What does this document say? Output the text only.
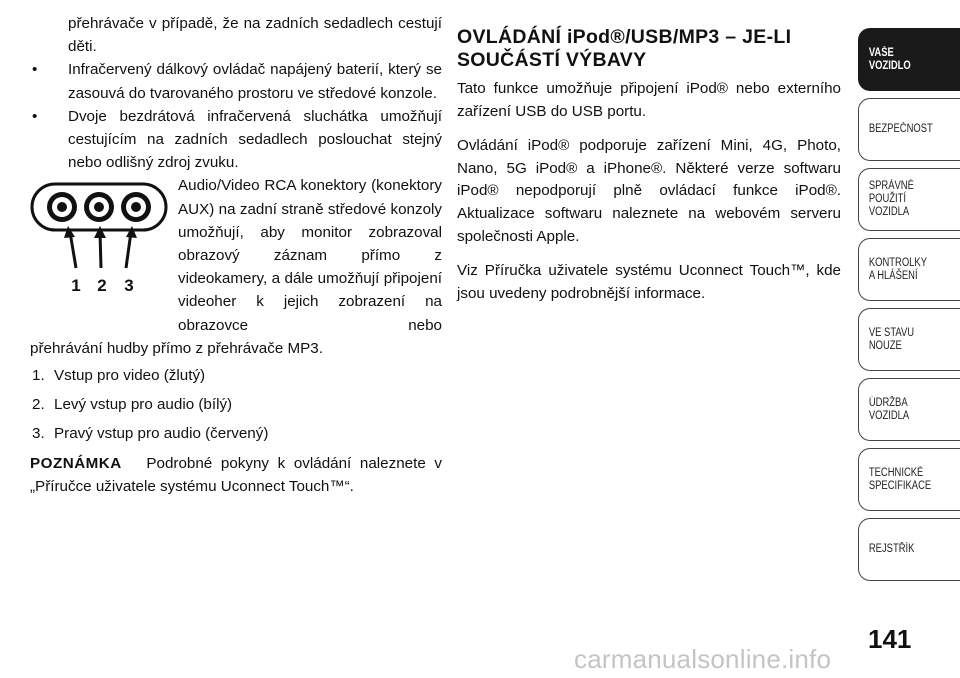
přehrávače v případě, že na zadních sedadlech cestují děti.

• Infračervený dálkový ovládač napájený baterií, který se zasouvá do tvarovaného prostoru ve středové konzole.
• Dvoje bezdrátová infračervená sluchátka umožňují cestujícím na zadních sedadlech poslouchat stejný nebo odlišný zdroj zvuku.
1 2 3

Audio/Video RCA konektory (konektory AUX) na zadní straně středové konzoly umožňují, aby monitor zobrazoval obrazový záznam přímo z videokamery, a dále umožňují připojení videoher k jejich zobrazení na obrazovce nebo

přehrávání hudby přímo z přehrávače MP3.

1. Vstup pro video (žlutý)
2. Levý vstup pro audio (bílý)
3. Pravý vstup pro audio (červený)

POZNÁMKA Podrobné pokyny k ovládání naleznete v „Příručce uživatele systému Uconnect Touch™“.

OVLÁDÁNÍ iPod®/USB/MP3 – JE-LI SOUČÁSTÍ VÝBAVY

Tato funkce umožňuje připojení iPod® nebo externího zařízení USB do USB portu.

Ovládání iPod® podporuje zařízení Mini, 4G, Photo, Nano, 5G iPod® a iPhone®. Některé verze softwaru iPod® nepodporují plně ovládací funkce iPod®. Aktualizace softwaru naleznete na webovém serveru společnosti Apple.

Viz Příručka uživatele systému Uconnect Touch™, kde jsou uvedeny podrobnější informace.

VAŠE
VOZIDLO
BEZPEČNOST
SPRÁVNÉ
POUŽITÍ
VOZIDLA
KONTROLKY
A HLÁŠENÍ
VE STAVU
NOUZE
ÚDRŽBA
VOZIDLA
TECHNICKÉ
SPECIFIKACE
REJSTŘÍK
141
carmanualsonline.info
